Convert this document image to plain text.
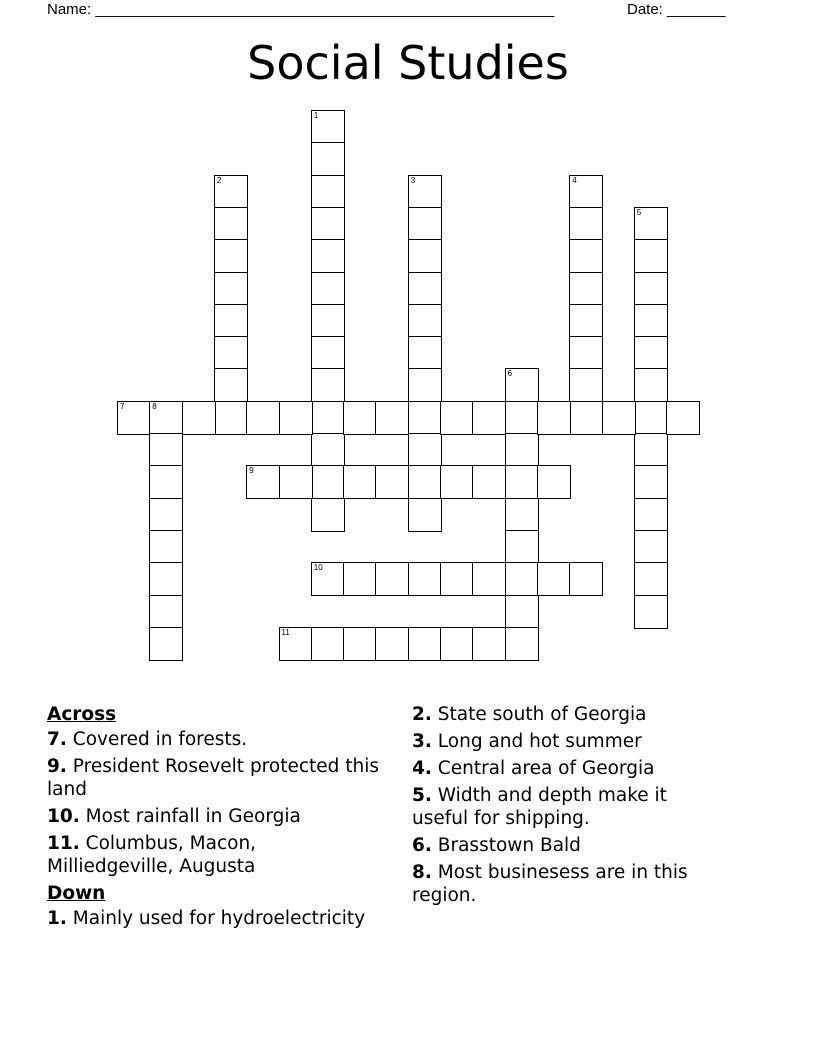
Name: _______________________________________________________	Date: _______
Social Studies
1
2	3	4
5
6
7	8
9
10
11
Across
7. Covered in forests.
9. President Rosevelt protected this land
10. Most rainfall in Georgia
11. Columbus, Macon, Milliedgeville, Augusta
Down
1. Mainly used for hydroelectricity
2. State south of Georgia
3. Long and hot summer
4. Central area of Georgia
5. Width and depth make it useful for shipping.
6. Brasstown Bald
8. Most businesess are in this region.
